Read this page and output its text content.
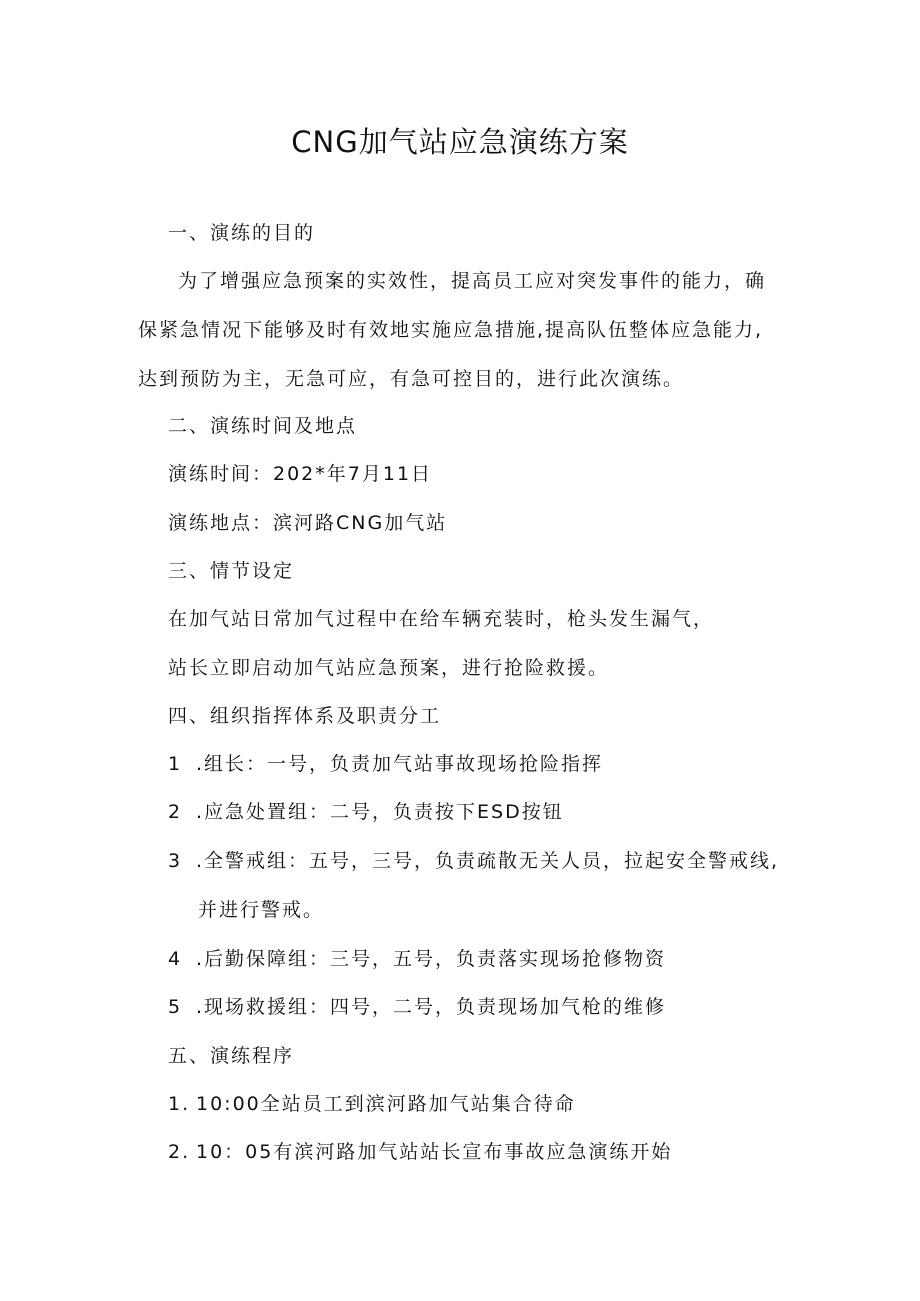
CNG加气站应急演练方案

一、演练的目的

为了增强应急预案的实效性，提高员工应对突发事件的能力，确
保紧急情况下能够及时有效地实施应急措施,提高队伍整体应急能力,
达到预防为主，无急可应，有急可控目的，进行此次演练。

二、演练时间及地点

演练时间：202*年7月11日

演练地点：滨河路CNG加气站

三、情节设定

在加气站日常加气过程中在给车辆充装时，枪头发生漏气，

站长立即启动加气站应急预案，进行抢险救援。

四、组织指挥体系及职责分工

1 .组长：一号，负责加气站事故现场抢险指挥

2 .应急处置组：二号，负责按下ESD按钮

3 .全警戒组：五号，三号，负责疏散无关人员，拉起安全警戒线,

并进行警戒。

4 .后勤保障组：三号，五号，负责落实现场抢修物资

5 .现场救援组：四号，二号，负责现场加气枪的维修

五、演练程序

1. 10:00全站员工到滨河路加气站集合待命

2. 10：05有滨河路加气站站长宣布事故应急演练开始
